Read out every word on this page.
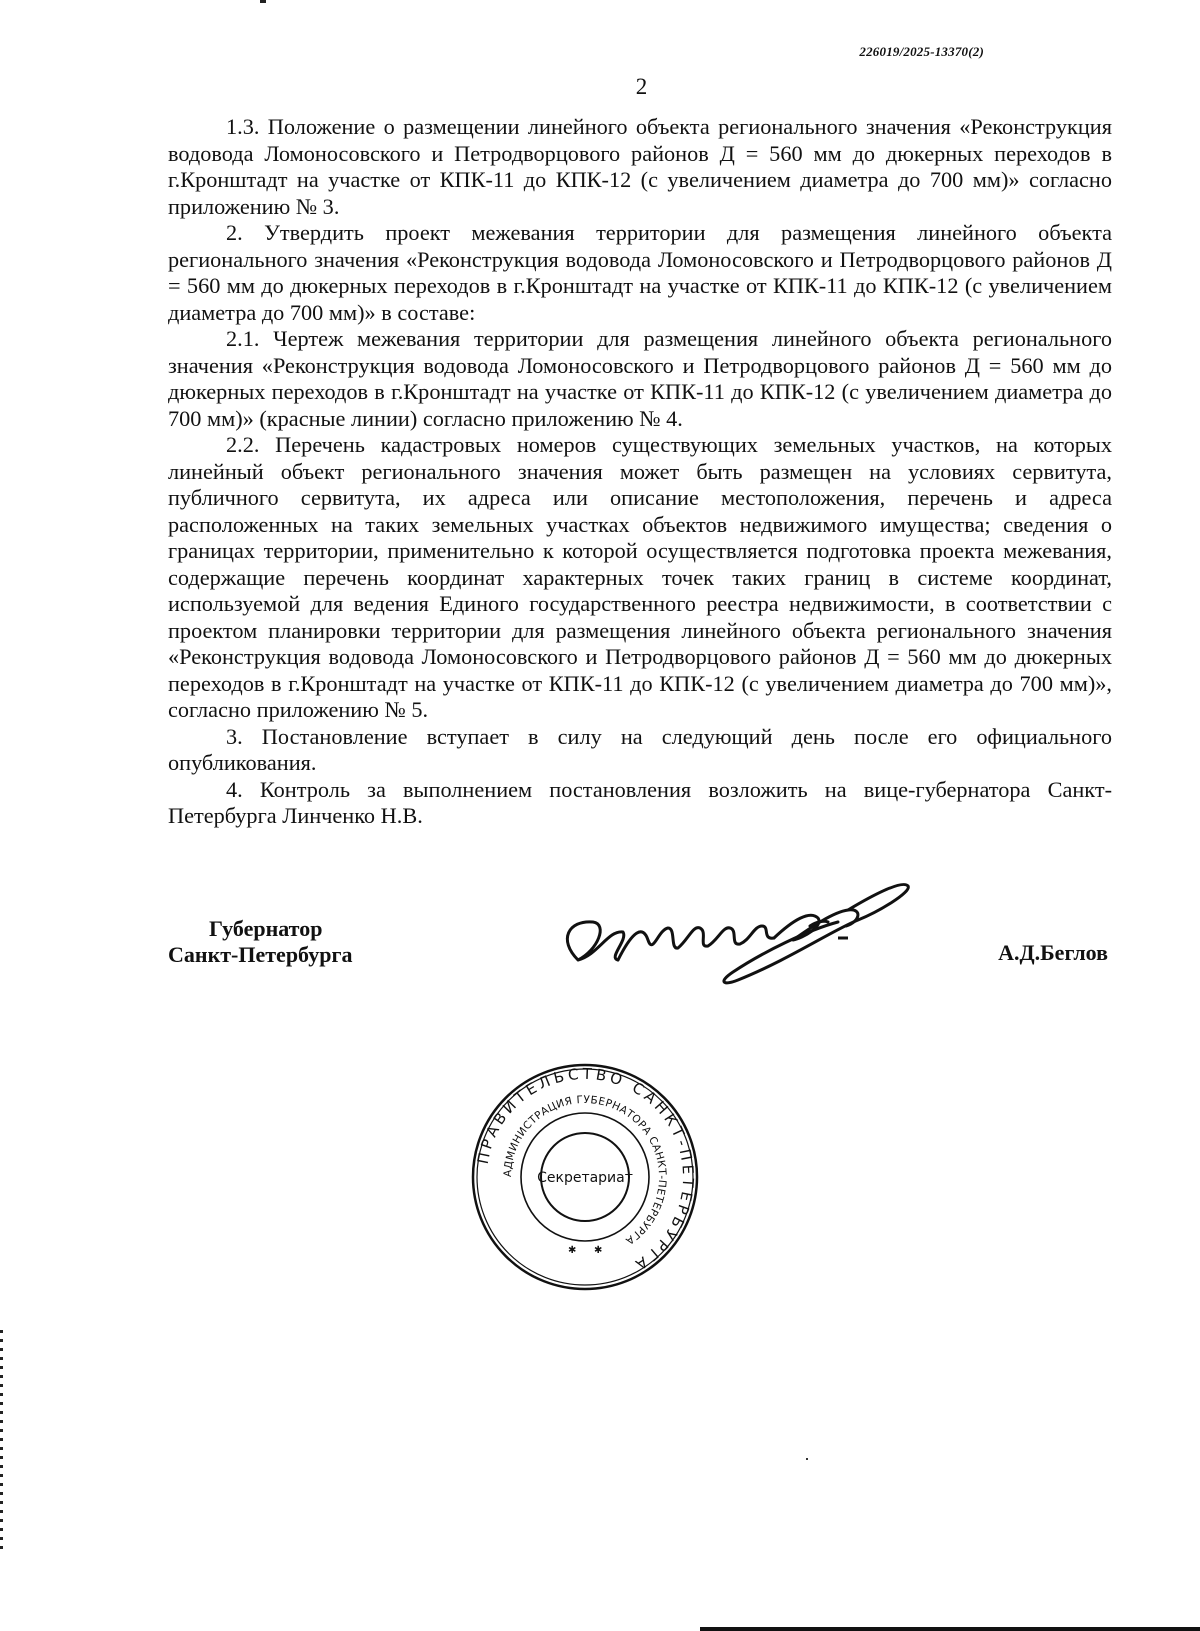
226019/2025-13370(2)
2

1.3. Положение о размещении линейного объекта регионального значения «Реконструкция водовода Ломоносовского и Петродворцового районов Д = 560 мм до дюкерных переходов в г.Кронштадт на участке от КПК-11 до КПК-12 (с увеличением диаметра до 700 мм)» согласно приложению № 3.

2. Утвердить проект межевания территории для размещения линейного объекта регионального значения «Реконструкция водовода Ломоносовского и Петродворцового районов Д = 560 мм до дюкерных переходов в г.Кронштадт на участке от КПК-11 до КПК-12 (с увеличением диаметра до 700 мм)» в составе:

2.1. Чертеж межевания территории для размещения линейного объекта регионального значения «Реконструкция водовода Ломоносовского и Петродворцового районов Д = 560 мм до дюкерных переходов в г.Кронштадт на участке от КПК-11 до КПК-12 (с увеличением диаметра до 700 мм)» (красные линии) согласно приложению № 4.

2.2. Перечень кадастровых номеров существующих земельных участков, на которых линейный объект регионального значения может быть размещен на условиях сервитута, публичного сервитута, их адреса или описание местоположения, перечень и адреса расположенных на таких земельных участках объектов недвижимого имущества; сведения о границах территории, применительно к которой осуществляется подготовка проекта межевания, содержащие перечень координат характерных точек таких границ в системе координат, используемой для ведения Единого государственного реестра недвижимости, в соответствии с проектом планировки территории для размещения линейного объекта регионального значения «Реконструкция водовода Ломоносовского и Петродворцового районов Д = 560 мм до дюкерных переходов в г.Кронштадт на участке от КПК-11 до КПК-12 (с увеличением диаметра до 700 мм)», согласно приложению № 5.

3. Постановление вступает в силу на следующий день после его официального опубликования.

4. Контроль за выполнением постановления возложить на вице-губернатора Санкт-Петербурга Линченко Н.В.

Губернатор
Санкт-Петербурга	А.Д.Беглов
ПРАВИТЕЛЬСТВО САНКТ-ПЕТЕРБУРГА
АДМИНИСТРАЦИЯ ГУБЕРНАТОРА САНКТ-ПЕТЕРБУРГА
Секретариат
✱ ✱
